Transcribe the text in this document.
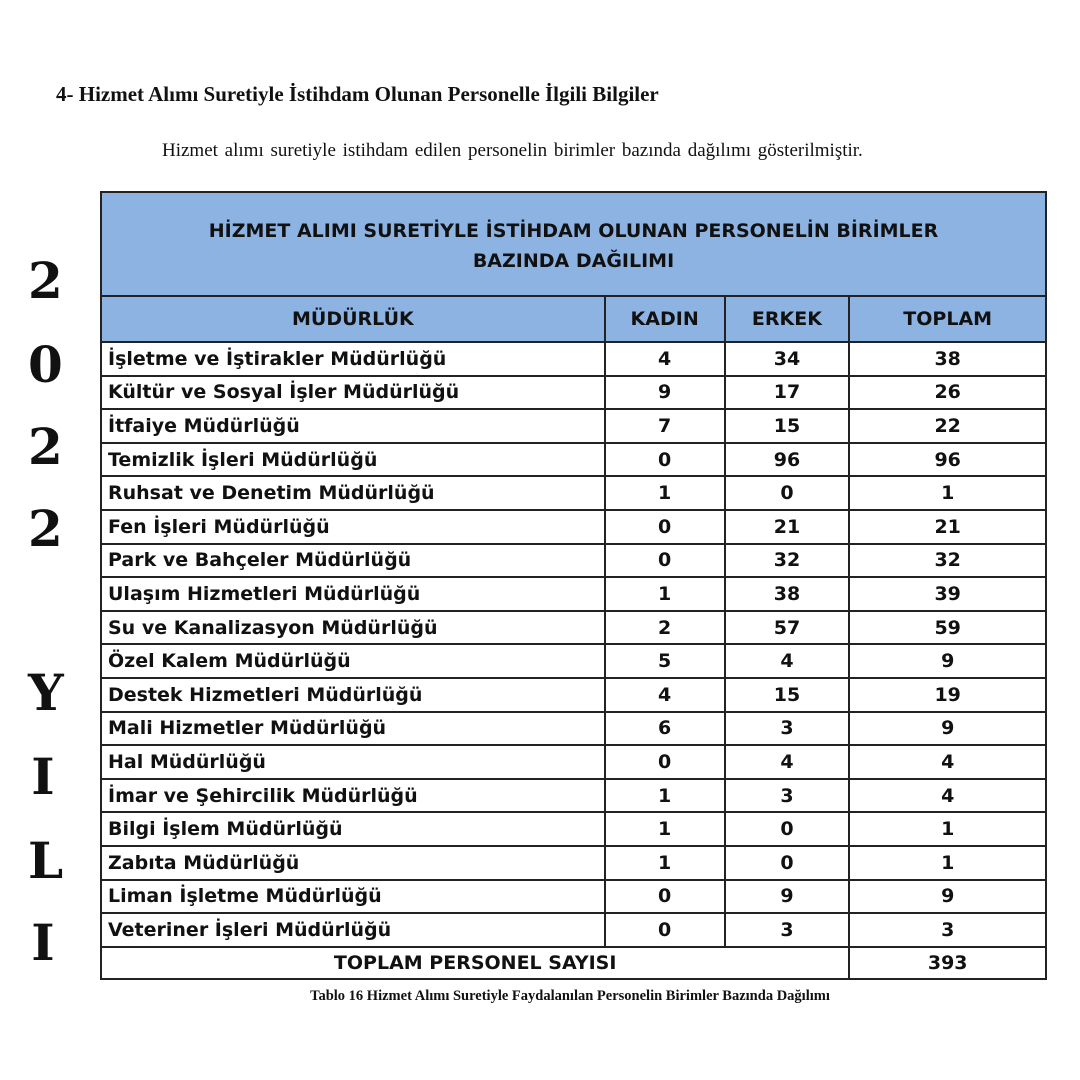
4- Hizmet Alımı Suretiyle İstihdam Olunan Personelle İlgili Bilgiler
Hizmet alımı suretiyle istihdam edilen personelin birimler bazında dağılımı gösterilmiştir.
2
0
2
2
Y
I
L
I
HİZMET ALIMI SURETİYLE İSTİHDAM OLUNAN PERSONELİN BİRİMLER
BAZINDA DAĞILIMI			

MÜDÜRLÜK	KADIN	ERKEK	TOPLAM
İşletme ve İştirakler Müdürlüğü	4	34	38
Kültür ve Sosyal İşler Müdürlüğü	9	17	26
İtfaiye Müdürlüğü	7	15	22
Temizlik İşleri Müdürlüğü	0	96	96
Ruhsat ve Denetim Müdürlüğü	1	0	1
Fen İşleri Müdürlüğü	0	21	21
Park ve Bahçeler Müdürlüğü	0	32	32
Ulaşım Hizmetleri Müdürlüğü	1	38	39
Su ve Kanalizasyon Müdürlüğü	2	57	59
Özel Kalem Müdürlüğü	5	4	9
Destek Hizmetleri Müdürlüğü	4	15	19
Mali Hizmetler Müdürlüğü	6	3	9
Hal Müdürlüğü	0	4	4
İmar ve Şehircilik Müdürlüğü	1	3	4
Bilgi İşlem Müdürlüğü	1	0	1
Zabıta Müdürlüğü	1	0	1
Liman İşletme Müdürlüğü	0	9	9
Veteriner İşleri Müdürlüğü	0	3	3
TOPLAM PERSONEL SAYISI			393
Tablo 16 Hizmet Alımı Suretiyle Faydalanılan Personelin Birimler Bazında Dağılımı
